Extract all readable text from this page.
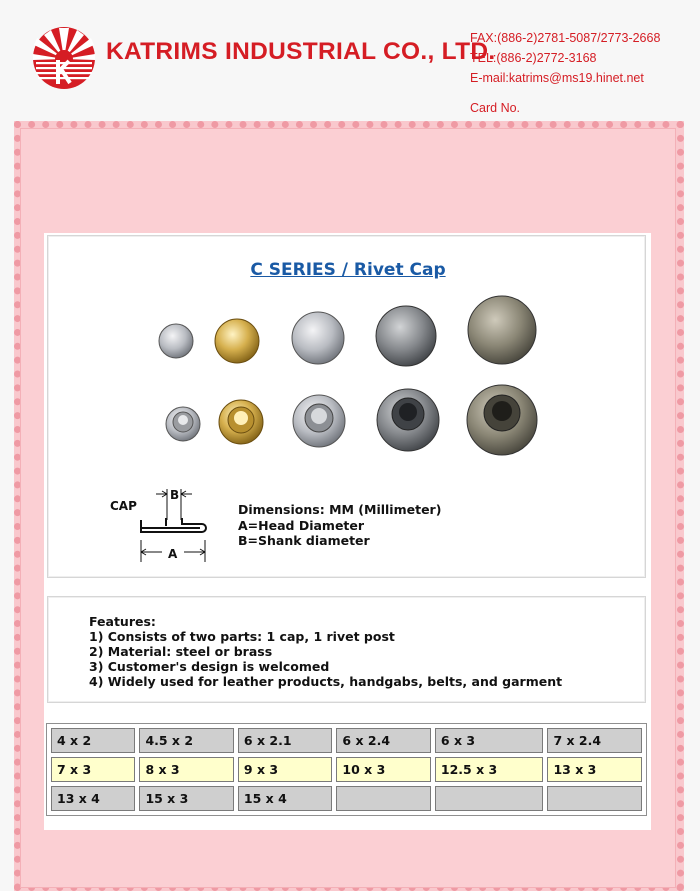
KATRIMS INDUSTRIAL CO., LTD.
FAX:(886-2)2781-5087/2773-2668
TEL:(886-2)2772-3168
E-mail:katrims@ms19.hinet.net
Card No.
C SERIES / Rivet Cap
CAP
B
A
Dimensions: MM (Millimeter)
A=Head Diameter
B=Shank diameter
Features:
1) Consists of two parts: 1 cap, 1 rivet post
2) Material: steel or brass
3) Customer's design is welcomed
4) Widely used for leather products, handgabs, belts, and garment
4 x 2	4.5 x 2	6 x 2.1	6 x 2.4	6 x 3	7 x 2.4
7 x 3	8 x 3	9 x 3	10 x 3	12.5 x 3	13 x 3
13 x 4	15 x 3	15 x 4			
